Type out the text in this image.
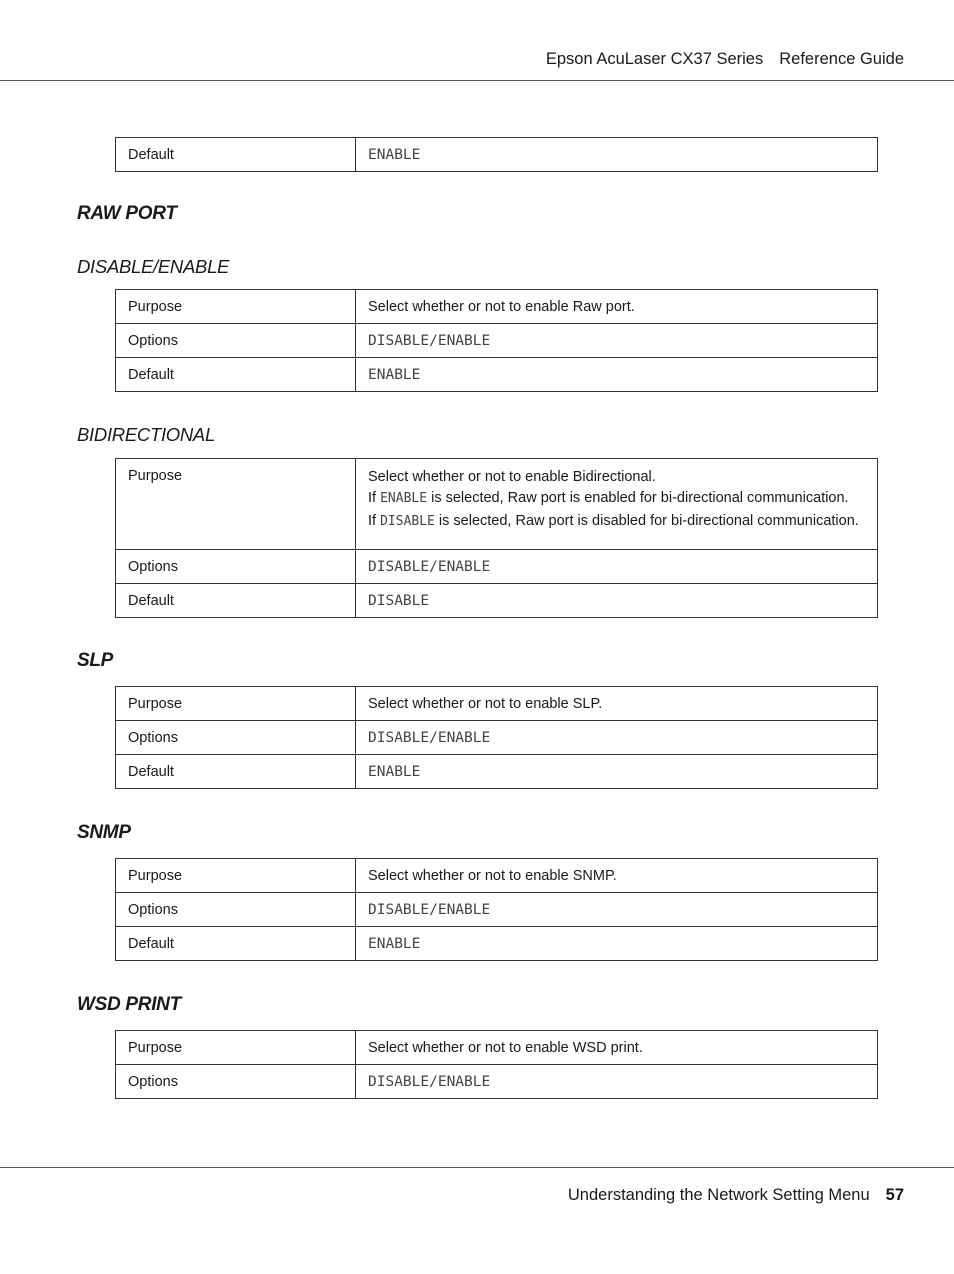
Epson AcuLaser CX37 Series Reference Guide
Default	ENABLE
RAW PORT
DISABLE/ENABLE
Purpose	Select whether or not to enable Raw port.
Options	DISABLE/ENABLE
Default	ENABLE
BIDIRECTIONAL
Purpose	Select whether or not to enable Bidirectional.
If ENABLE is selected, Raw port is enabled for bi-directional communication.
If DISABLE is selected, Raw port is disabled for bi-directional communication.

Options	DISABLE/ENABLE
Default	DISABLE
SLP
Purpose	Select whether or not to enable SLP.
Options	DISABLE/ENABLE
Default	ENABLE
SNMP
Purpose	Select whether or not to enable SNMP.
Options	DISABLE/ENABLE
Default	ENABLE
WSD PRINT
Purpose	Select whether or not to enable WSD print.
Options	DISABLE/ENABLE
Understanding the Network Setting Menu 57
